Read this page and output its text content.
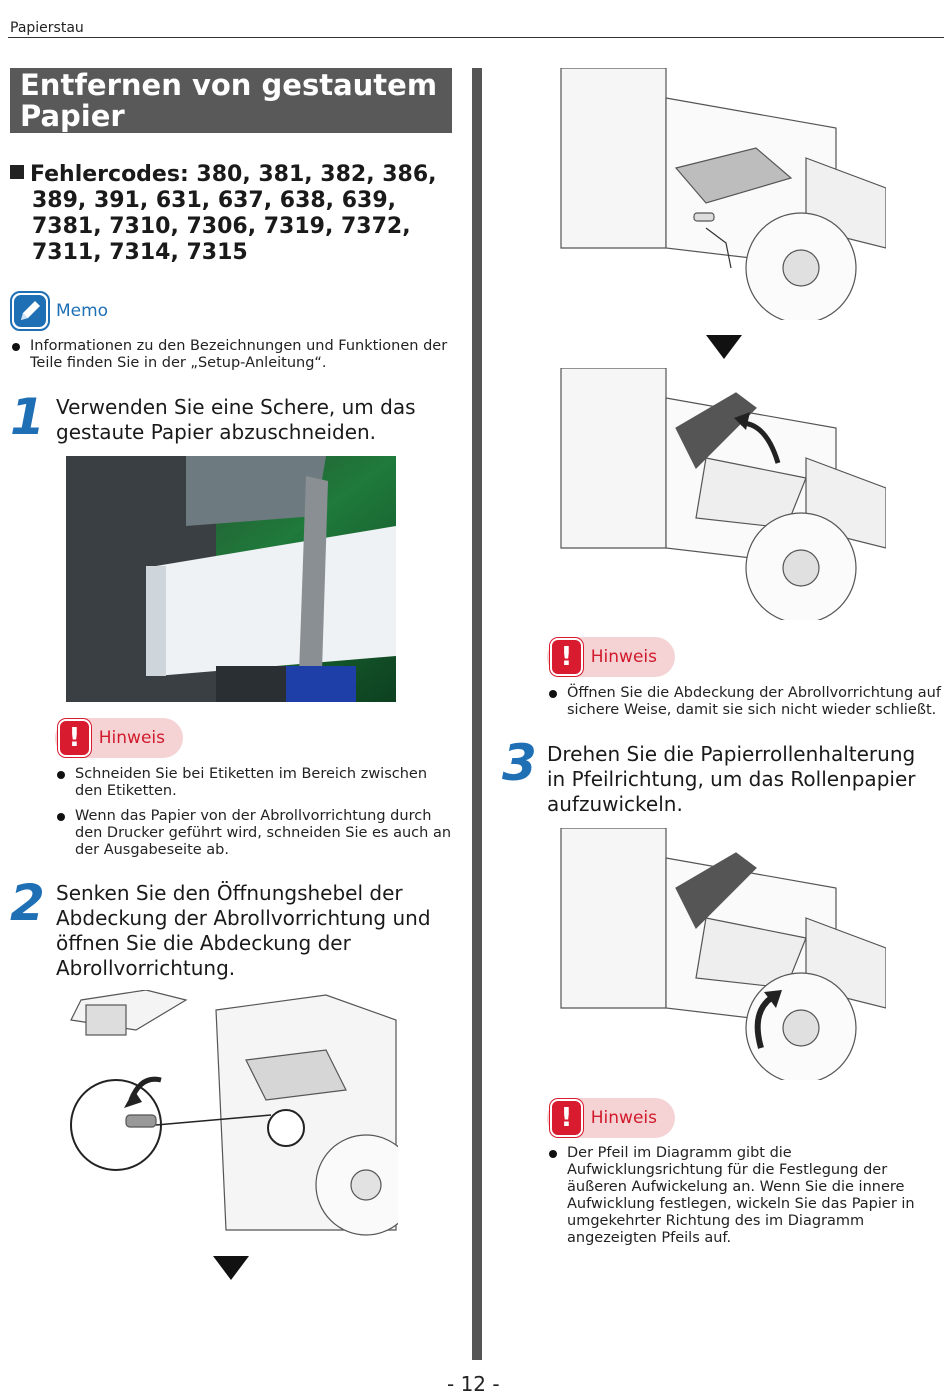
Papierstau
Entfernen von gestautem
Papier
Fehlercodes: 380, 381, 382, 386,
389, 391, 631, 637, 638, 639,
7381, 7310, 7306, 7319, 7372,
7311, 7314, 7315
Memo
Informationen zu den Bezeichnungen und Funktionen der Teile finden Sie in der „Setup-Anleitung“.
1 Verwenden Sie eine Schere, um das gestaute Papier abzuschneiden.
!	Hinweis
Schneiden Sie bei Etiketten im Bereich zwischen den Etiketten.
Wenn das Papier von der Abrollvorrichtung durch den Drucker geführt wird, schneiden Sie es auch an der Ausgabeseite ab.
2 Senken Sie den Öffnungshebel der Abdeckung der Abrollvorrichtung und öffnen Sie die Abdeckung der Abrollvorrichtung.
!	Hinweis
Öffnen Sie die Abdeckung der Abrollvorrichtung auf sichere Weise, damit sie sich nicht wieder schließt.
3 Drehen Sie die Papierrollenhalterung in Pfeilrichtung, um das Rollenpapier aufzuwickeln.
!	Hinweis
Der Pfeil im Diagramm gibt die Aufwicklungsrichtung für die Festlegung der äußeren Aufwickelung an. Wenn Sie die innere Aufwicklung festlegen, wickeln Sie das Papier in umgekehrter Richtung des im Diagramm angezeigten Pfeils auf.
- 12 -
